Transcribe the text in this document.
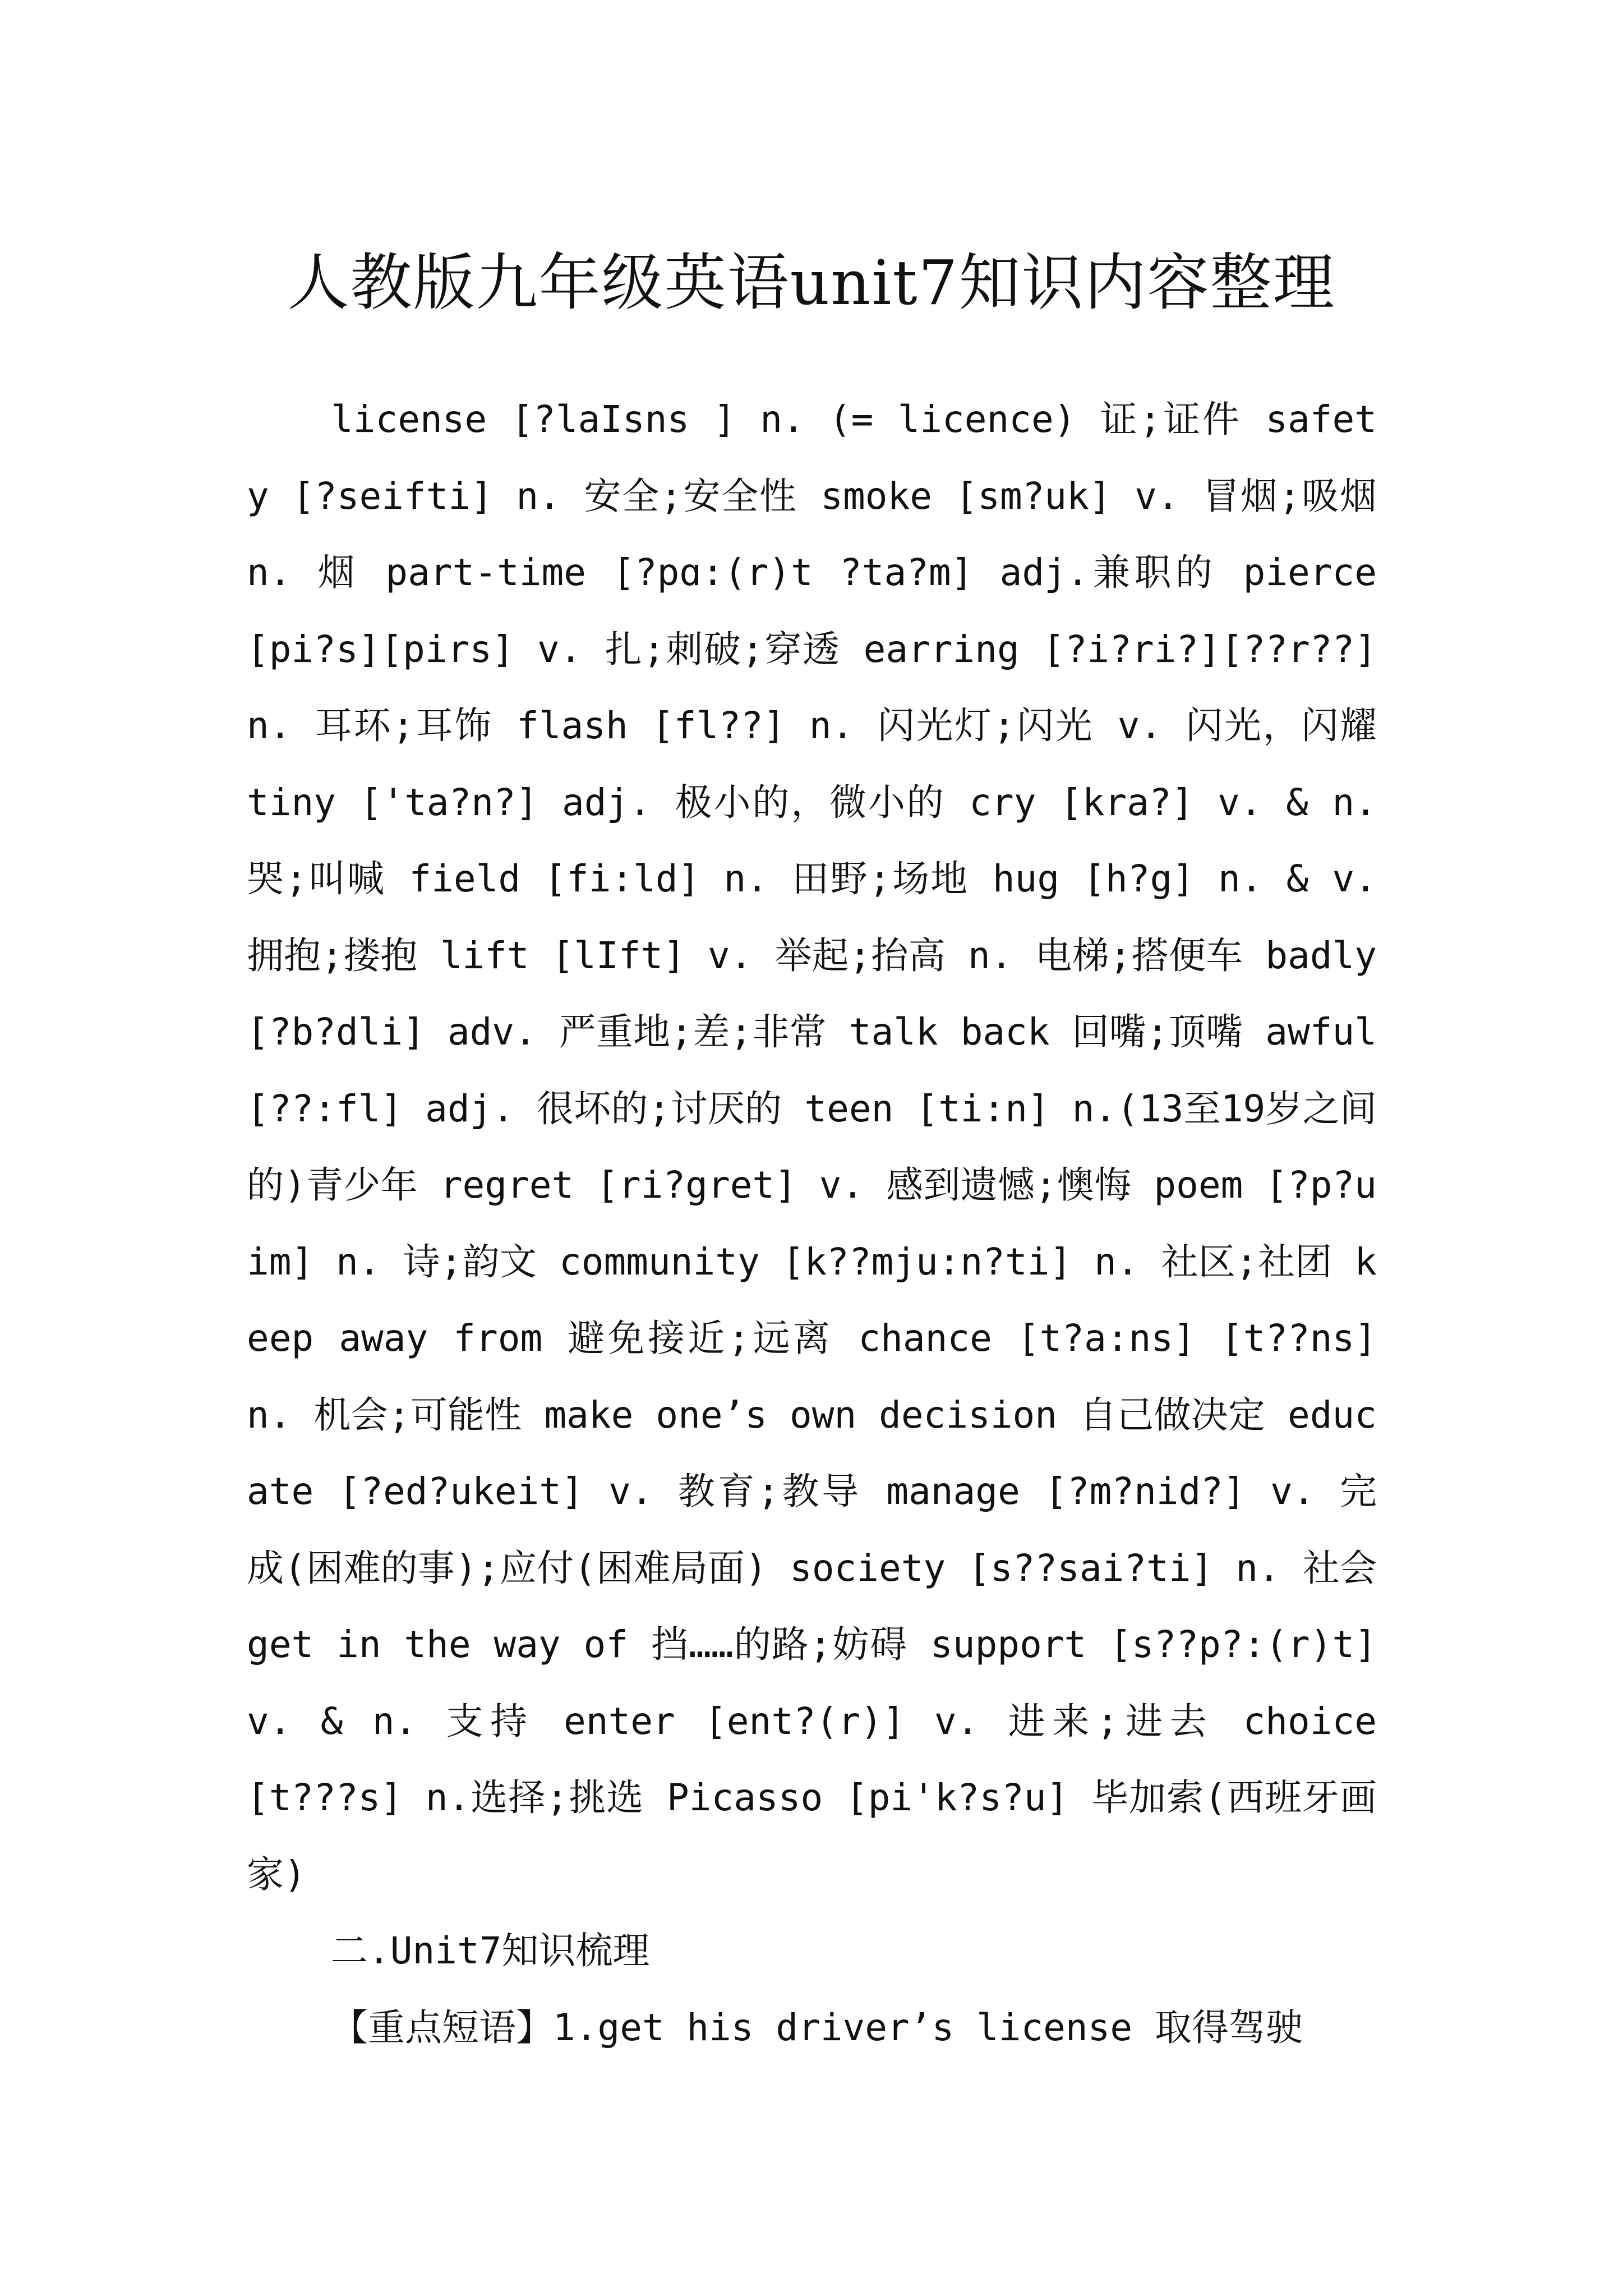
人教版九年级英语unit7知识内容整理

license [?laIsns ] n. (= licence) 证;证件 safety [?seifti] n. 安全;安全性 smoke [sm?uk] v. 冒烟;吸烟 n. 烟 part-time [?pɑ:(r)t ?ta?m] adj.兼职的 pierce [pi?s][pirs] v. 扎;刺破;穿透 earring [?i?ri?][??r??] n. 耳环;耳饰 flash [fl??] n. 闪光灯;闪光 v. 闪光，闪耀 tiny ['ta?n?] adj. 极小的，微小的 cry [kra?] v. & n. 哭;叫喊 field [fi:ld] n. 田野;场地 hug [h?g] n. & v. 拥抱;搂抱 lift [lIft] v. 举起;抬高 n. 电梯;搭便车 badly [?b?dli] adv. 严重地;差;非常 talk back 回嘴;顶嘴 awful [??:fl] adj. 很坏的;讨厌的 teen [ti:n] n.(13至19岁之间的)青少年 regret [ri?gret] v. 感到遗憾;懊悔 poem [?p?uim] n. 诗;韵文 community [k??mju:n?ti] n. 社区;社团 keep away from 避免接近;远离 chance [t?a:ns] [t??ns] n. 机会;可能性 make one’s own decision 自己做决定 educate [?ed?ukeit] v. 教育;教导 manage [?m?nid?] v. 完成(困难的事);应付(困难局面) society [s??sai?ti] n. 社会 get in the way of 挡……的路;妨碍 support [s??p?:(r)t] v. & n. 支持 enter [ent?(r)] v. 进来;进去 choice [t???s] n.选择;挑选 Picasso [pi'k?s?u] 毕加索(西班牙画家)

二.Unit7知识梳理

【重点短语】1.get his driver’s license 取得驾驶
